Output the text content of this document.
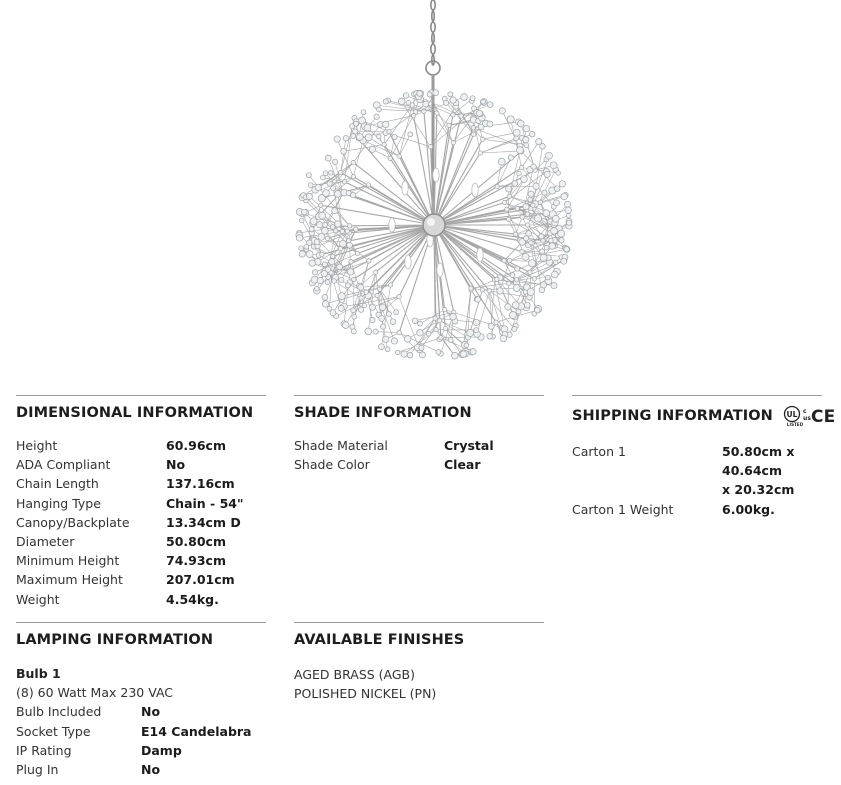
DIMENSIONAL INFORMATION
Height	60.96cm
ADA Compliant	No
Chain Length	137.16cm
Hanging Type	Chain - 54"
Canopy/Backplate	13.34cm D
Diameter	50.80cm
Minimum Height	74.93cm
Maximum Height	207.01cm
Weight	4.54kg.
SHADE INFORMATION
Shade Material	Crystal
Shade Color	Clear
SHIPPING INFORMATION UL
LISTED
c
us CE
Carton 1	50.80cm x 40.64cm
x 20.32cm
Carton 1 Weight	6.00kg.
LAMPING INFORMATION
Bulb 1
(8) 60 Watt Max 230 VAC
Bulb Included	No
Socket Type	E14 Candelabra
IP Rating	Damp
Plug In	No
AVAILABLE FINISHES
AGED BRASS (AGB)
POLISHED NICKEL (PN)
